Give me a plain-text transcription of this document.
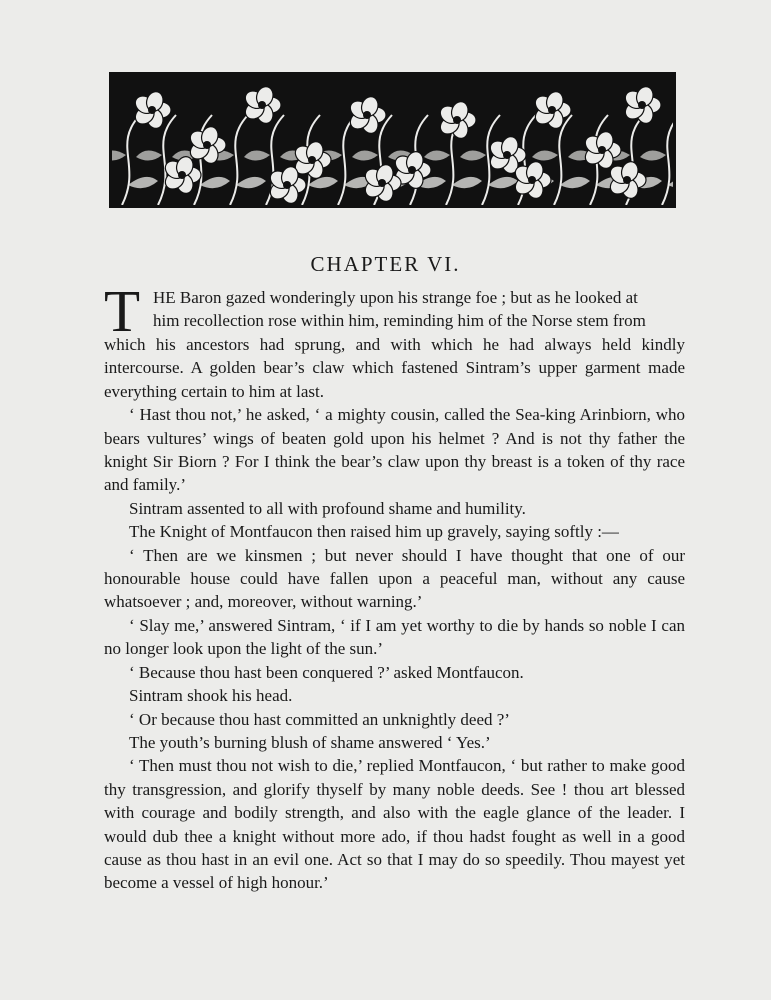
CHAPTER VI.
T HE Baron gazed wonderingly upon his strange foe ; but as he looked at
him recollection rose within him, reminding him of the Norse stem from

which his ancestors had sprung, and with which he had always held kindly intercourse. A golden bear’s claw which fastened Sintram’s upper garment made everything certain to him at last.

‘ Hast thou not,’ he asked, ‘ a mighty cousin, called the Sea-king Arinbiorn, who bears vultures’ wings of beaten gold upon his helmet ? And is not thy father the knight Sir Biorn ? For I think the bear’s claw upon thy breast is a token of thy race and family.’

Sintram assented to all with profound shame and humility.

The Knight of Montfaucon then raised him up gravely, saying softly :—

‘ Then are we kinsmen ; but never should I have thought that one of our honourable house could have fallen upon a peaceful man, without any cause whatsoever ; and, moreover, without warning.’

‘ Slay me,’ answered Sintram, ‘ if I am yet worthy to die by hands so noble I can no longer look upon the light of the sun.’

‘ Because thou hast been conquered ?’ asked Montfaucon.

Sintram shook his head.

‘ Or because thou hast committed an unknightly deed ?’

The youth’s burning blush of shame answered ‘ Yes.’

‘ Then must thou not wish to die,’ replied Montfaucon, ‘ but rather to make good thy transgression, and glorify thyself by many noble deeds. See ! thou art blessed with courage and bodily strength, and also with the eagle glance of the leader. I would dub thee a knight without more ado, if thou hadst fought as well in a good cause as thou hast in an evil one. Act so that I may do so speedily. Thou mayest yet become a vessel of high honour.’
